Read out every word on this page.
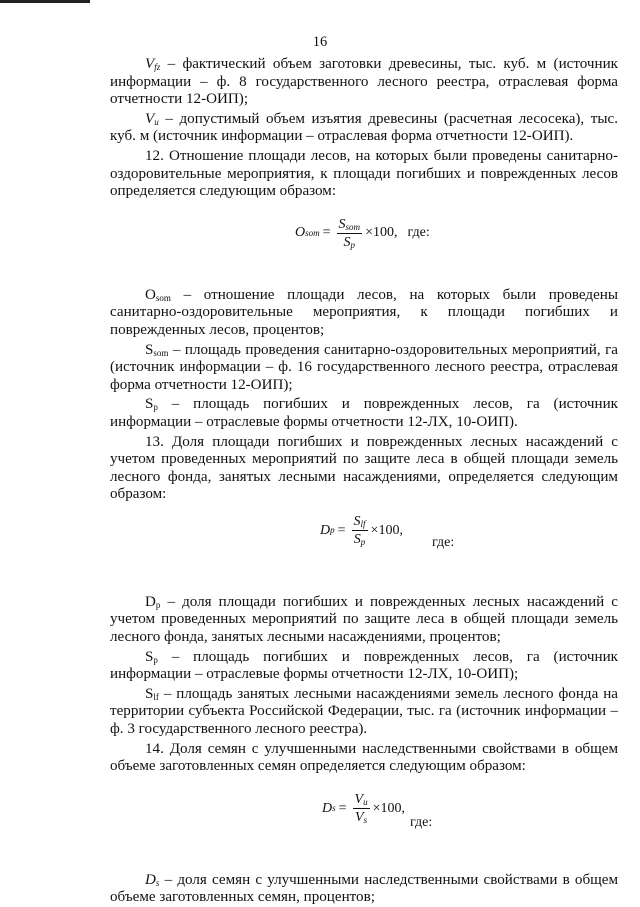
16

$V_{fz}$ – фактический объем заготовки древесины, тыс. куб. м (источник информации – ф. 8 государственного лесного реестра, отраслевая форма отчетности 12-ОИП);

$V_u$ – допустимый объем изъятия древесины (расчетная лесосека), тыс. куб. м (источник информации – отраслевая форма отчетности 12-ОИП).

12. Отношение площади лесов, на которых были проведены санитарно-оздоровительные мероприятия, к площади погибших и поврежденных лесов определяется следующим образом:

O som = $\frac{S_{som}}{S_p} \times 100$, где:

$O_{som}$ – отношение площади лесов, на которых были проведены санитарно-оздоровительные мероприятия, к площади погибших и поврежденных лесов, процентов;

$S_{som}$ – площадь проведения санитарно-оздоровительных мероприятий, га (источник информации – ф. 16 государственного лесного реестра, отраслевая форма отчетности 12-ОИП);

$S_p$ – площадь погибших и поврежденных лесов, га (источник информации – отраслевые формы отчетности 12-ЛХ, 10-ОИП).

13. Доля площади погибших и поврежденных лесных насаждений с учетом проведенных мероприятий по защите леса в общей площади земель лесного фонда, занятых лесными насаждениями, определяется следующим образом:

D $p = \frac{S_{lf}}{S_p} \times 100$,
где:

$D_p$ – доля площади погибших и поврежденных лесных насаждений с учетом проведенных мероприятий по защите леса в общей площади земель лесного фонда, занятых лесными насаждениями, процентов;

$S_p$ – площадь погибших и поврежденных лесов, га (источник информации – отраслевые формы отчетности 12-ЛХ, 10-ОИП);

$S_{lf}$ – площадь занятых лесными насаждениями земель лесного фонда на территории субъекта Российской Федерации, тыс. га (источник информации – ф. 3 государственного лесного реестра).

14. Доля семян с улучшенными наследственными свойствами в общем объеме заготовленных семян определяется следующим образом:

D $s = \frac{V_u}{V_s} \times 100$,
где:

$D_s$ – доля семян с улучшенными наследственными свойствами в общем объеме заготовленных семян, процентов;
